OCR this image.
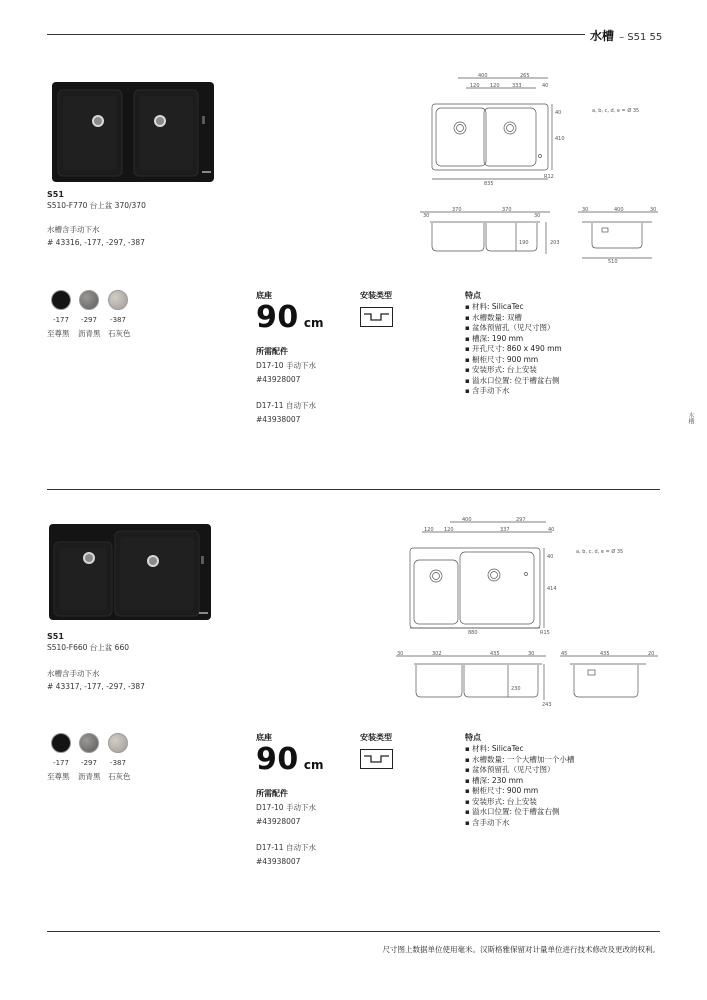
水槽 – S51 55
水槽
S51
S510-F770 台上盆 370/370
水槽含手动下水
# 43316, -177, -297, -387
-177	-297	-387
至尊黑 沥青黑 石灰色
底座
90 cm
所需配件
D17-10 手动下水
#43928007
D17-11 自动下水
#43938007
安装类型	特点
▪ 材料: SilicaTec
▪ 水槽数量: 双槽
▪ 盆体预留孔（见尺寸图）
▪ 槽深: 190 mm
▪ 开孔尺寸: 860 x 490 mm
▪ 橱柜尺寸: 900 mm
▪ 安装形式: 台上安装
▪ 溢水口位置: 位于槽盆右侧
▪ 含手动下水
400	265
120 120 333	40
410
40
835
R12
a, b, c, d, e = Ø 35
30
370	370
30
190	203
30	400	30
510
S51
S510-F660 台上盆 660
水槽含手动下水
# 43317, -177, -297, -387
-177	-297	-387
至尊黑 沥青黑 石灰色
底座
90 cm
所需配件
D17-10 手动下水
#43928007
D17-11 自动下水
#43938007
安装类型	特点
▪ 材料: SilicaTec
▪ 水槽数量: 一个大槽加一个小槽
▪ 盆体预留孔（见尺寸图）
▪ 槽深: 230 mm
▪ 橱柜尺寸: 900 mm
▪ 安装形式: 台上安装
▪ 溢水口位置: 位于槽盆右侧
▪ 含手动下水
400	297
120 120	337	40
414
40
880	R15
a, b, c, d, e = Ø 35
30	302	435	30
230
243
45	435	20
尺寸图上数据单位使用毫米。汉斯格雅保留对计量单位进行技术修改及更改的权利。
